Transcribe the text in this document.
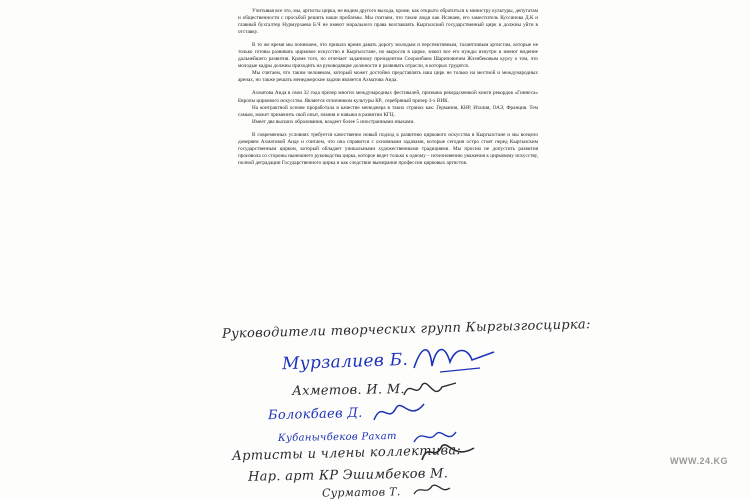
Учитывая все это, мы, артисты цирка, не видим другого выхода, кроме, как открыто обратиться к министру культуры, депутатам и общественности с просьбой решить наши проблемы. Мы считаем, что такие люди как Исанаев, его заместитель Куссинова Д.К и главный бухгалтер Нурмурзаева Б.Ч не имеют морального права возглавлять Кыргызский государственный цирк и должны уйти в отставку.

В то же время мы понимаем, что пришло время давать дорогу молодым и перспективным, талантливым артистам, которые не только готовы развивать цирковое искусство в Кыргызстане, но выросли в цирке, знают все его нужды изнутри и имеют видение дальнейшего развития. Кроме того, по отчечает заданному президентом Сооронбаем Шариповичем Жээнбековым курсу о том, что молодые кадры должны приходить на руководящие должности и развивать отрасли, в которых трудятся.

Мы считаем, что таким человеком, который может достойно представлять наш цирк не только на местной и международных аренах, но также решать менеджерские задачи является Ахматова Аида.

Ахматова Аида в свои 32 года призер многих международных фестивалей, призвана рекордсменкой книги рекордов «Гиннеса» Европы циркового искусства. Является отличником культуры КР., серебряный призер 3-х ВИК.

На контрактной основе проработала в качестве менеджера в таких странах как: Германия, КНР, Италия, ОАЭ, Франция. Тем самым, может применить свой опыт, знания и навыки в развитии КГЦ.

Имеет два высших образования, владеет более 5 иностранными языками.

В современных условиях требуется качественно новый подход к развитию циркового искусства в Кыргызстане и мы всецело доверяем Ахматовой Аиде и считаем, что она справится с основными задачами, которые сегодня остро стоят перед Кыргызским государственным цирком, который обладает уникальными художественными традициями. Мы просим не допустить развития произвола со стороны нынешнего руководства цирка, которое ведет только к одному – исчезновению уважения к цирковому искусству, полной деградации Государственного цирка и как следствие вымирание профессии цирковых артистов.

Руководители творческих групп Кыргызгосцирка:
Мурзалиев Б.
Ахметов. И. М.
Болокбаев Д.
Кубанычбеков Рахат
Артисты и члены коллектива:
Нар. арт КР Эшимбеков М.
Сурматов Т.
WWW.24.KG
